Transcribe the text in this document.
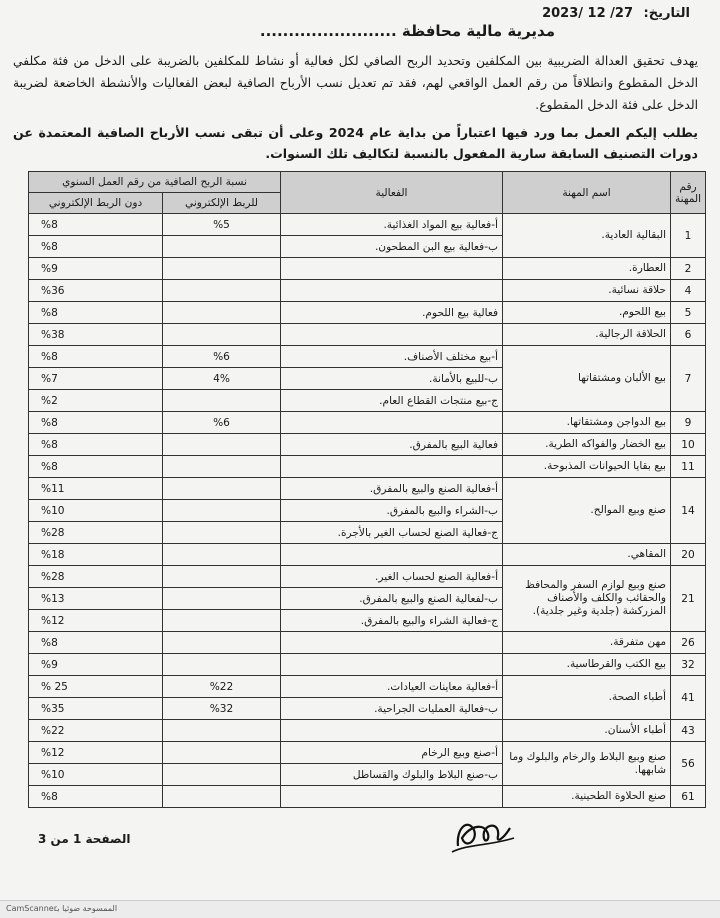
التاريخ: 2023/ 12 /27
مديرية مالية محافظة ........................
يهدف تحقيق العدالة الضريبية بين المكلفين وتحديد الربح الصافي لكل فعالية أو نشاط للمكلفين بالضريبة على الدخل من فئة مكلفي الدخل المقطوع وانطلاقاً من رقم العمل الواقعي لهم، فقد تم تعديل نسب الأرباح الصافية لبعض الفعاليات والأنشطة الخاضعة لضريبة الدخل على فئة الدخل المقطوع.
يطلب إليكم العمل بما ورد فيها اعتباراً من بداية عام 2024 وعلى أن تبقى نسب الأرباح الصافية المعتمدة عن دورات التصنيف السابقة سارية المفعول بالنسبة لتكاليف تلك السنوات.
رقم المهنة	اسم المهنة	الفعالية	نسبة الربح الصافية من رقم العمل السنوي	
			للربط الإلكتروني	دون الربط الإلكتروني
1	البقالية العادية.	أ-فعالية بيع المواد الغذائية.	%5	%8
		ب-فعالية بيع البن المطحون.		%8
2	العطارة.			%9
4	حلاقة نسائية.			%36
5	بيع اللحوم.	فعالية بيع اللحوم.		%8
6	الحلاقة الرجالية.			%38
7	بيع الألبان ومشتقاتها	أ-بيع مختلف الأصناف.	%6	%8
		ب-للبيع بالأمانة.	4%	%7
		ج-بيع منتجات القطاع العام.		%2
9	بيع الدواجن ومشتقاتها.		%6	%8
10	بيع الخضار والفواكه الطرية.	فعالية البيع بالمفرق.		%8
11	بيع بقايا الحيوانات المذبوحة.			%8
14	صنع وبيع الموالح.	أ-فعالية الصنع والبيع بالمفرق.		%11
		ب-الشراء والبيع بالمفرق.		%10
		ج-فعالية الصنع لحساب الغير بالأجرة.		%28
20	المقاهي.			%18
21	صنع وبيع لوازم السفر والمحافظ والحقائب والكلف والأصناف المزركشة (جلدية وغير جلدية).	أ-فعالية الصنع لحساب الغير.		%28
		ب-لفعالية الصنع والبيع بالمفرق.		%13
		ج-فعالية الشراء والبيع بالمفرق.		%12
26	مهن متفرقة.			%8
32	بيع الكتب والقرطاسية.			%9
41	أطباء الصحة.	أ-فعالية معاينات العيادات.	%22	25 %
		ب-فعالية العمليات الجراحية.	%32	%35
43	أطباء الأسنان.			%22
56	صنع وبيع البلاط والرخام والبلوك وما شابهها.	أ-صنع وبيع الرخام		%12
		ب-صنع البلاط والبلوك والقساطل		%10
61	صنع الحلاوة الطحينية.			%8
الصفحة 1 من 3
CamScanner
الممسوحة ضوئيا بـ
